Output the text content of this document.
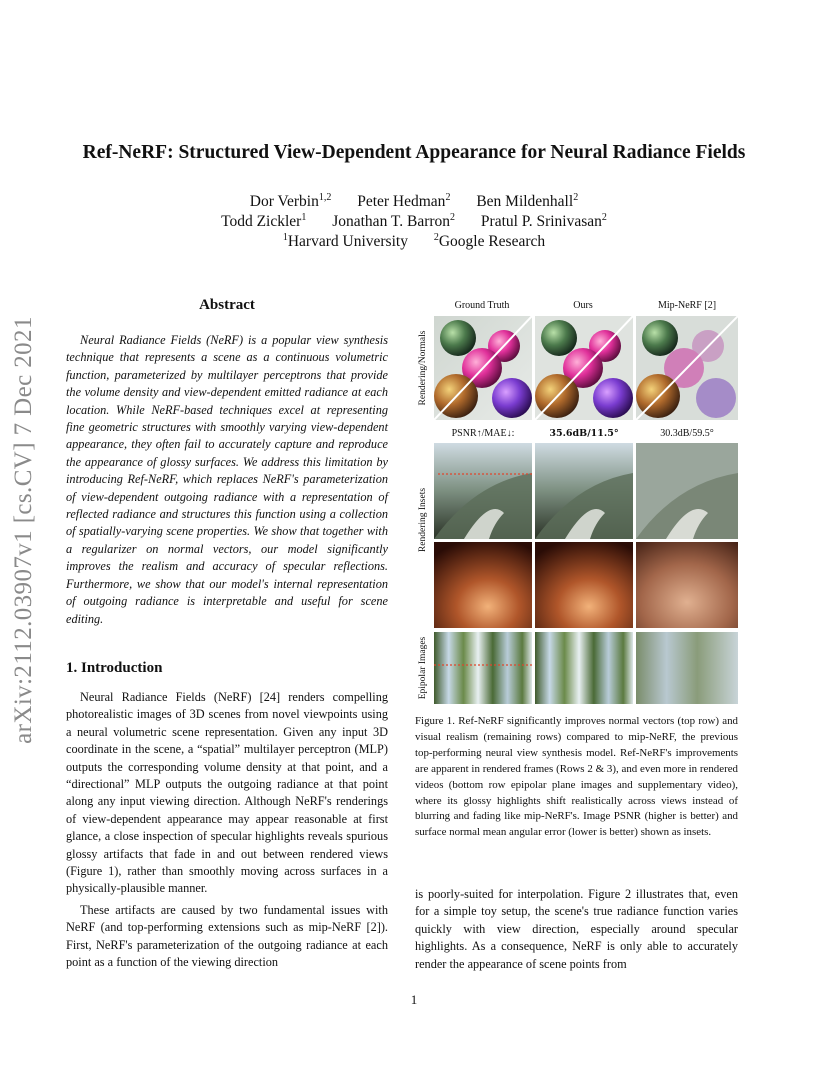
Ref-NeRF: Structured View-Dependent Appearance for Neural Radiance Fields
Dor Verbin$^{1,2}$ Peter Hedman$^2$ Ben Mildenhall$^2$
Todd Zickler$^1$ Jonathan T. Barron$^2$ Pratul P. Srinivasan$^2$
$^1$Harvard University	$^2$Google Research
arXiv:2112.03907v1 [cs.CV] 7 Dec 2021
Abstract
Neural Radiance Fields (NeRF) is a popular view synthesis technique that represents a scene as a continuous volumetric function, parameterized by multilayer perceptrons that provide the volume density and view-dependent emitted radiance at each location. While NeRF-based techniques excel at representing fine geometric structures with smoothly varying view-dependent appearance, they often fail to accurately capture and reproduce the appearance of glossy surfaces. We address this limitation by introducing Ref-NeRF, which replaces NeRF's parameterization of view-dependent outgoing radiance with a representation of reflected radiance and structures this function using a collection of spatially-varying scene properties. We show that together with a regularizer on normal vectors, our model significantly improves the realism and accuracy of specular reflections. Furthermore, we show that our model's internal representation of outgoing radiance is interpretable and useful for scene editing.
1. Introduction
Neural Radiance Fields (NeRF) [24] renders compelling photorealistic images of 3D scenes from novel viewpoints using a neural volumetric scene representation. Given any input 3D coordinate in the scene, a “spatial” multilayer perceptron (MLP) outputs the corresponding volume density at that point, and a “directional” MLP outputs the outgoing radiance at that point along any input viewing direction. Although NeRF's renderings of view-dependent appearance may appear reasonable at first glance, a close inspection of specular highlights reveals spurious glossy artifacts that fade in and out between rendered views (Figure 1), rather than smoothly moving across surfaces in a physically-plausible manner.
These artifacts are caused by two fundamental issues with NeRF (and top-performing extensions such as mip-NeRF [2]). First, NeRF's parameterization of the outgoing radiance at each point as a function of the viewing direction
Ground Truth	Ours	Mip-NeRF [2]
Rendering/Normals
Rendering Insets
Epipolar Images
PSNR↑/MAE↓:	35.6dB/11.5°	30.3dB/59.5°
Figure 1. Ref-NeRF significantly improves normal vectors (top row) and visual realism (remaining rows) compared to mip-NeRF, the previous top-performing neural view synthesis model. Ref-NeRF's improvements are apparent in rendered frames (Rows 2 & 3), and even more in rendered videos (bottom row epipolar plane images and supplementary video), where its glossy highlights shift realistically across views instead of blurring and fading like mip-NeRF's. Image PSNR (higher is better) and surface normal mean angular error (lower is better) shown as insets.
is poorly-suited for interpolation. Figure 2 illustrates that, even for a simple toy setup, the scene's true radiance function varies quickly with view direction, especially around specular highlights. As a consequence, NeRF is only able to accurately render the appearance of scene points from
1
